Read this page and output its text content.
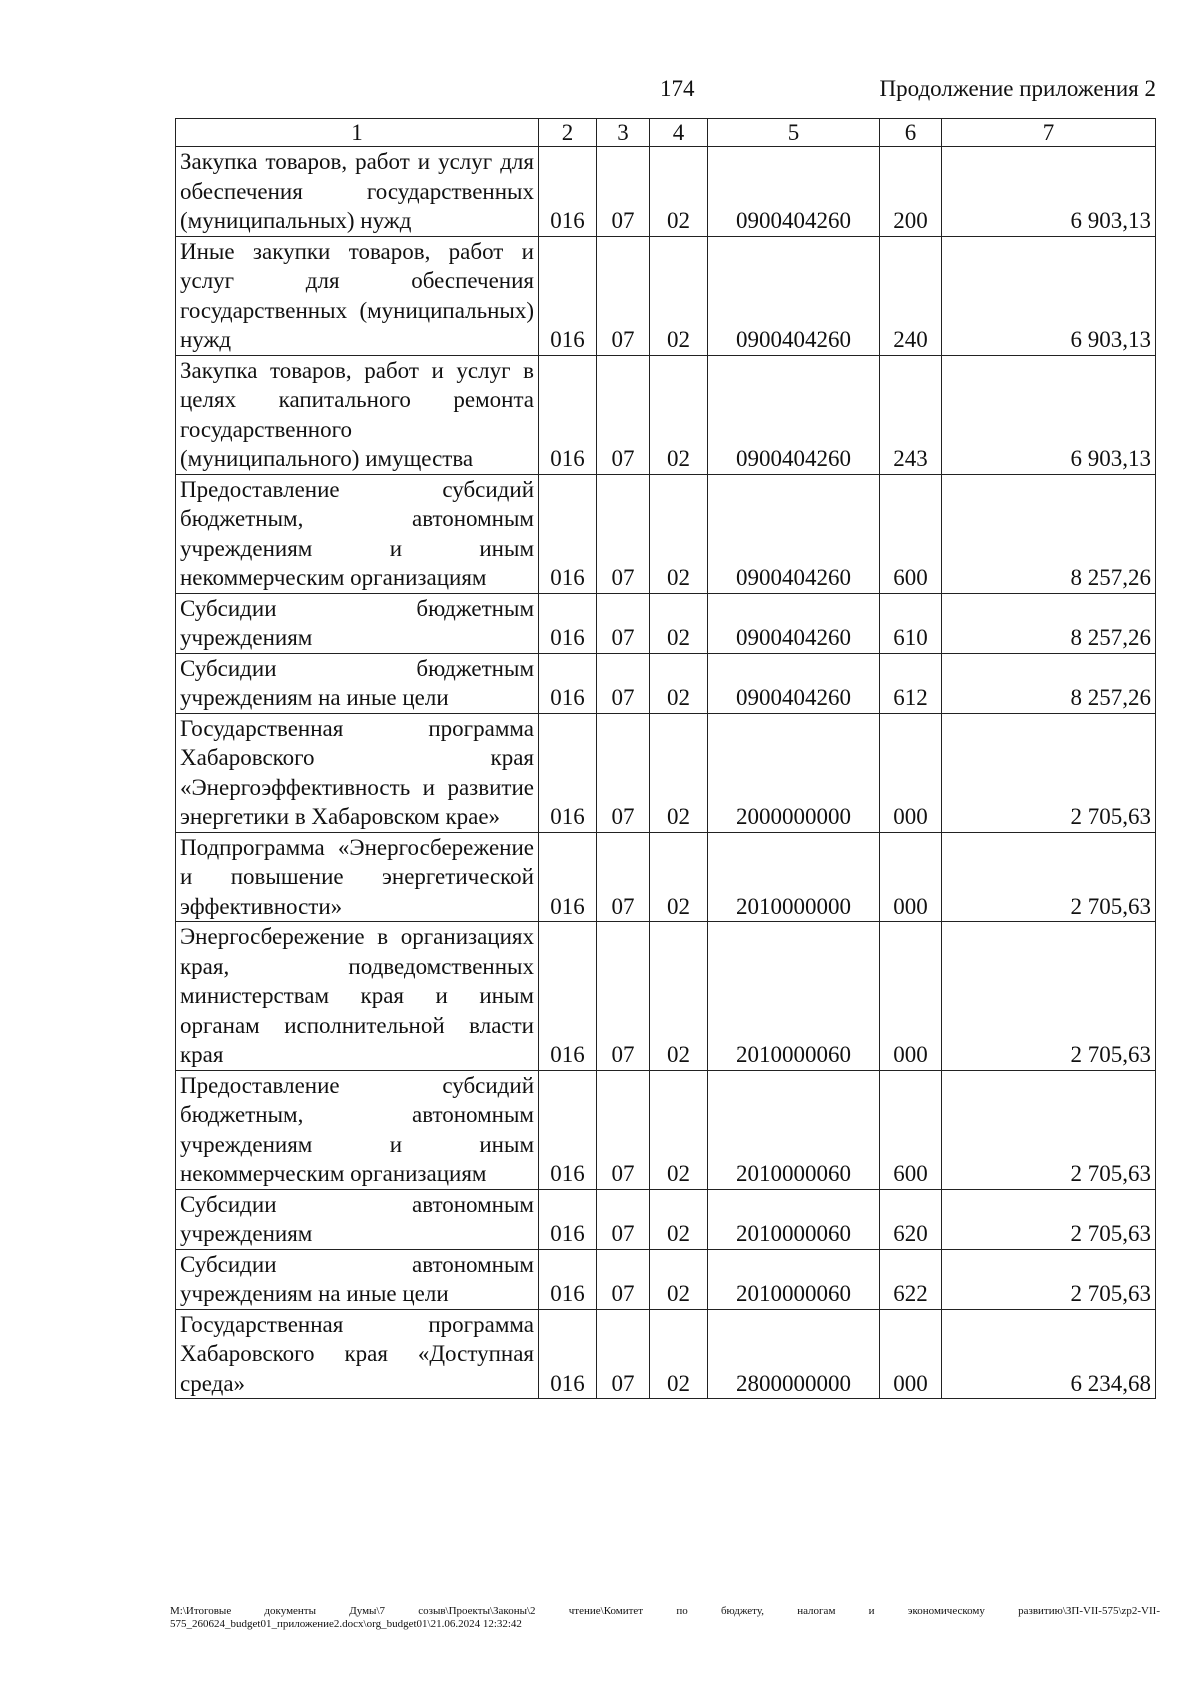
174	Продолжение приложения 2
1	2	3	4	5	6	7
Закупка товаров, работ и услуг для обеспечения государственных (муниципальных) нужд	016	07	02	0900404260	200	6 903,13
Иные закупки товаров, работ и услуг для обеспечения государственных (муниципальных) нужд	016	07	02	0900404260	240	6 903,13
Закупка товаров, работ и услуг в целях капитального ремонта государственного (муниципального) имущества	016	07	02	0900404260	243	6 903,13
Предоставление субсидий бюджетным, автономным учреждениям и иным некоммерческим организациям	016	07	02	0900404260	600	8 257,26
Субсидии бюджетным учреждениям	016	07	02	0900404260	610	8 257,26
Субсидии бюджетным учреждениям на иные цели	016	07	02	0900404260	612	8 257,26
Государственная программа Хабаровского края «Энергоэффективность и развитие энергетики в Хабаровском крае»	016	07	02	2000000000	000	2 705,63
Подпрограмма «Энергосбережение и повышение энергетической эффективности»	016	07	02	2010000000	000	2 705,63
Энергосбережение в организациях края, подведомственных министерствам края и иным органам исполнительной власти края	016	07	02	2010000060	000	2 705,63
Предоставление субсидий бюджетным, автономным учреждениям и иным некоммерческим организациям	016	07	02	2010000060	600	2 705,63
Субсидии автономным учреждениям	016	07	02	2010000060	620	2 705,63
Субсидии автономным учреждениям на иные цели	016	07	02	2010000060	622	2 705,63
Государственная программа Хабаровского края «Доступная среда»	016	07	02	2800000000	000	6 234,68
M:\Итоговые документы Думы\7 созыв\Проекты\Законы\2 чтение\Комитет по бюджету, налогам и экономическому развитию\ЗП-VII-575\zp2-VII-575_260624_budget01_приложение2.docx\org_budget01\21.06.2024 12:32:42
